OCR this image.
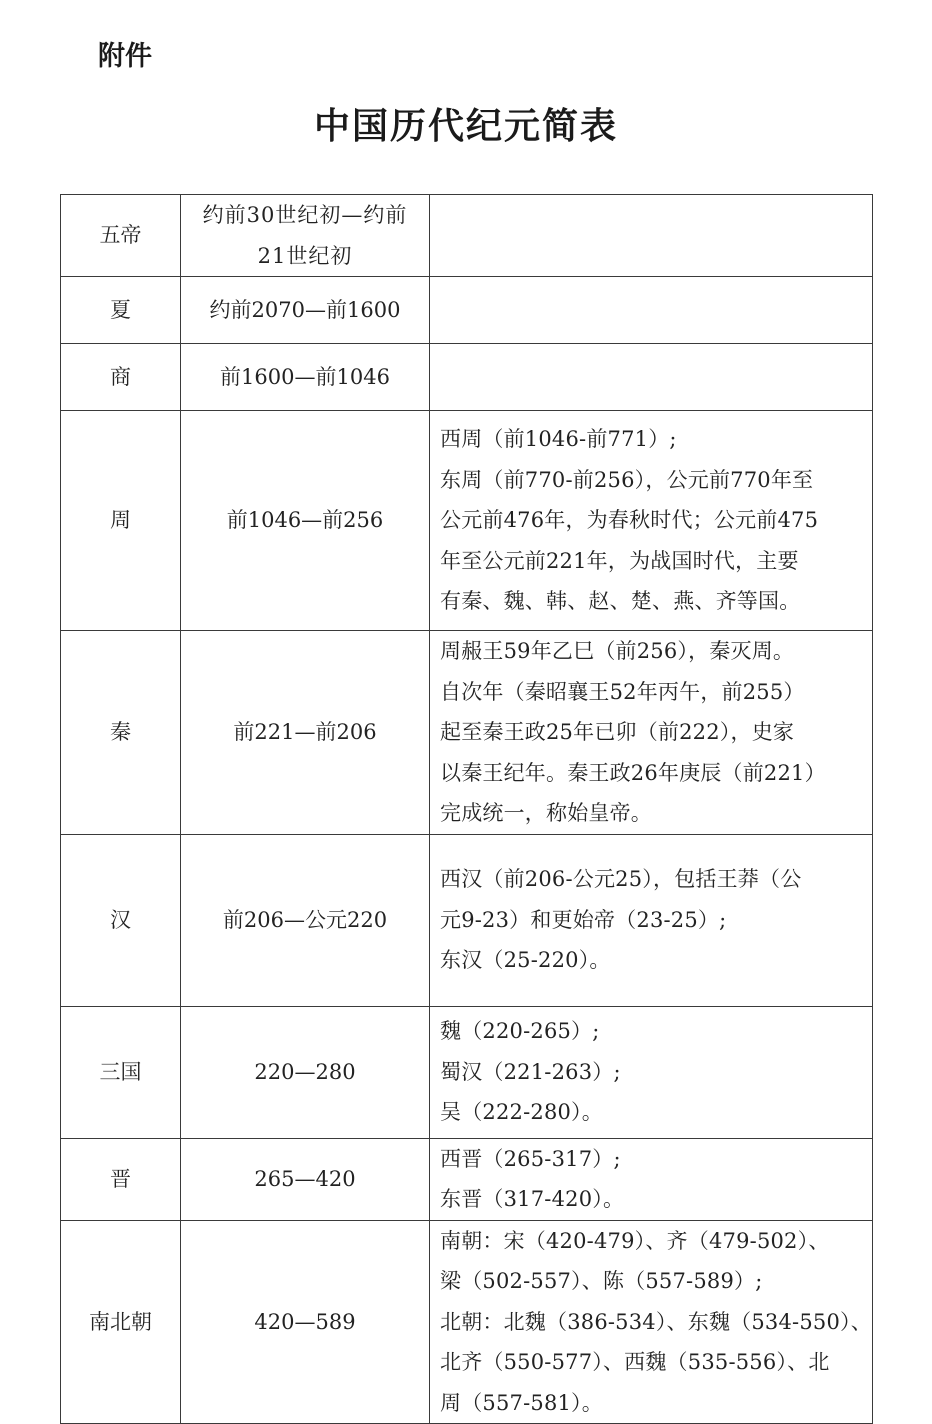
附件
中国历代纪元简表
五帝	约前30世纪初—约前21世纪初	
夏	约前2070—前1600	
商	前1600—前1046	
周	前1046—前256	西周（前1046-前771）;
东周（前770-前256），公元前770年至
公元前476年，为春秋时代；公元前475
年至公元前221年，为战国时代，主要
有秦、魏、韩、赵、楚、燕、齐等国。

秦	前221—前206	周赧王59年乙巳（前256），秦灭周。
自次年（秦昭襄王52年丙午，前255）
起至秦王政25年已卯（前222），史家
以秦王纪年。秦王政26年庚辰（前221）
完成统一，称始皇帝。

汉	前206—公元220	西汉（前206-公元25），包括王莽（公
元9-23）和更始帝（23-25）;
东汉（25-220）。

三国	220—280	魏（220-265）;
蜀汉（221-263）;
吴（222-280）。

晋	265—420	西晋（265-317）;
东晋（317-420）。

南北朝	420—589	南朝：宋（420-479）、齐（479-502）、
梁（502-557）、陈（557-589）;
北朝：北魏（386-534）、东魏（534-550）、
北齐（550-577）、西魏（535-556）、北
周（557-581）。
